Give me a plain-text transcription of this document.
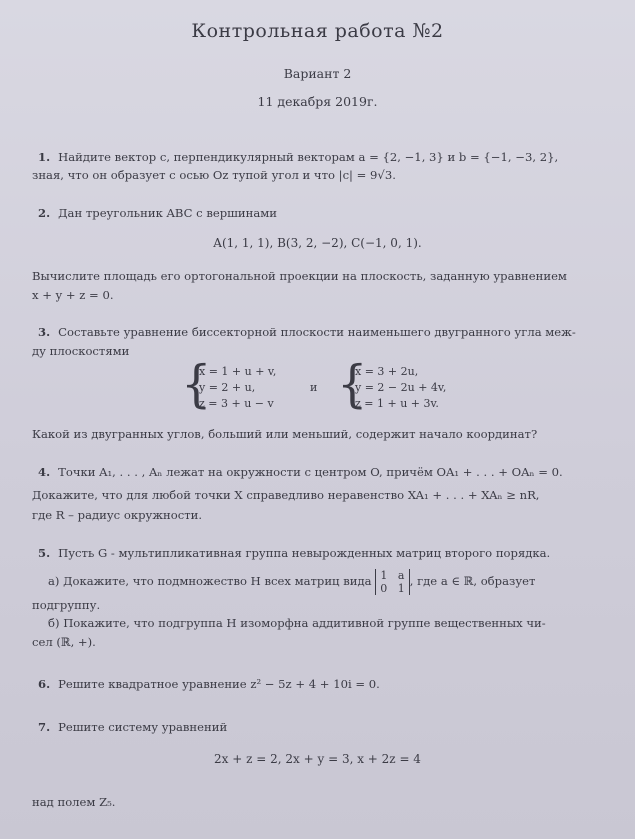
Контрольная работа №2
Вариант 2
11 декабря 2019г.
1. Найдите вектор c, перпендикулярный векторам a = {2, −1, 3} и b = {−1, −3, 2},
зная, что он образует с осью Oz тупой угол и что |c| = 9√3.
2. Дан треугольник ABC с вершинами
A(1, 1, 1), B(3, 2, −2), C(−1, 0, 1).
Вычислите площадь его ортогональной проекции на плоскость, заданную уравнением
x + y + z = 0.
3. Составьте уравнение биссекторной плоскости наименьшего двугранного угла меж-
ду плоскостями
{
x = 1 + u + v,
y = 2 + u,
z = 3 + u − v
и {
x = 3 + 2u,
y = 2 − 2u + 4v,
z = 1 + u + 3v.
Какой из двугранных углов, больший или меньший, содержит начало координат?
4. Точки A₁, . . . , Aₙ лежат на окружности с центром O, причём OA₁ + . . . + OAₙ = 0.
Докажите, что для любой точки X справедливо неравенство XA₁ + . . . + XAₙ ≥ nR,
где R – радиус окружности.
5. Пусть G - мультипликативная группа невырожденных матриц второго порядка.
а) Докажите, что подмножество H всех матриц вида 1   a
0   1
, где a ∈ ℝ, образует
подгруппу.
б) Покажите, что подгруппа H изоморфна аддитивной группе вещественных чи-
сел (ℝ, +).
6. Решите квадратное уравнение z² − 5z + 4 + 10i = 0.
7. Решите систему уравнений
2x + z = 2, 2x + y = 3, x + 2z = 4
над полем Z₅.
